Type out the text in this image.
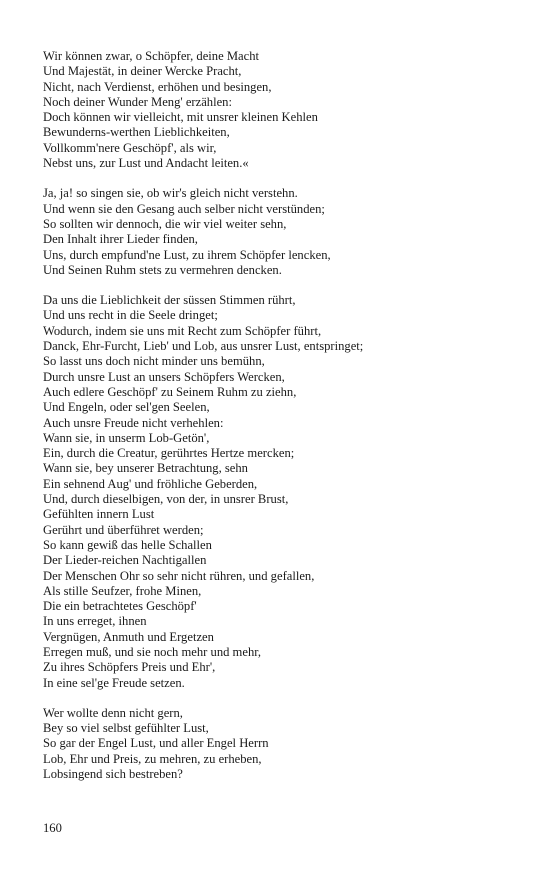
Wir können zwar, o Schöpfer, deine Macht
Und Majestät, in deiner Wercke Pracht,
Nicht, nach Verdienst, erhöhen und besingen,
Noch deiner Wunder Meng' erzählen:
Doch können wir vielleicht, mit unsrer kleinen Kehlen
Bewunderns-werthen Lieblichkeiten,
Vollkomm'nere Geschöpf', als wir,
Nebst uns, zur Lust und Andacht leiten.«
Ja, ja! so singen sie, ob wir's gleich nicht verstehn.
Und wenn sie den Gesang auch selber nicht verstünden;
So sollten wir dennoch, die wir viel weiter sehn,
Den Inhalt ihrer Lieder finden,
Uns, durch empfund'ne Lust, zu ihrem Schöpfer lencken,
Und Seinen Ruhm stets zu vermehren dencken.
Da uns die Lieblichkeit der süssen Stimmen rührt,
Und uns recht in die Seele dringet;
Wodurch, indem sie uns mit Recht zum Schöpfer führt,
Danck, Ehr-Furcht, Lieb' und Lob, aus unsrer Lust, entspringet;
So lasst uns doch nicht minder uns bemühn,
Durch unsre Lust an unsers Schöpfers Wercken,
Auch edlere Geschöpf' zu Seinem Ruhm zu ziehn,
Und Engeln, oder sel'gen Seelen,
Auch unsre Freude nicht verhehlen:
Wann sie, in unserm Lob-Getön',
Ein, durch die Creatur, gerührtes Hertze mercken;
Wann sie, bey unserer Betrachtung, sehn
Ein sehnend Aug' und fröhliche Geberden,
Und, durch dieselbigen, von der, in unsrer Brust,
Gefühlten innern Lust
Gerührt und überführet werden;
So kann gewiß das helle Schallen
Der Lieder-reichen Nachtigallen
Der Menschen Ohr so sehr nicht rühren, und gefallen,
Als stille Seufzer, frohe Minen,
Die ein betrachtetes Geschöpf'
In uns erreget, ihnen
Vergnügen, Anmuth und Ergetzen
Erregen muß, und sie noch mehr und mehr,
Zu ihres Schöpfers Preis und Ehr',
In eine sel'ge Freude setzen.
Wer wollte denn nicht gern,
Bey so viel selbst gefühlter Lust,
So gar der Engel Lust, und aller Engel Herrn
Lob, Ehr und Preis, zu mehren, zu erheben,
Lobsingend sich bestreben?
160
